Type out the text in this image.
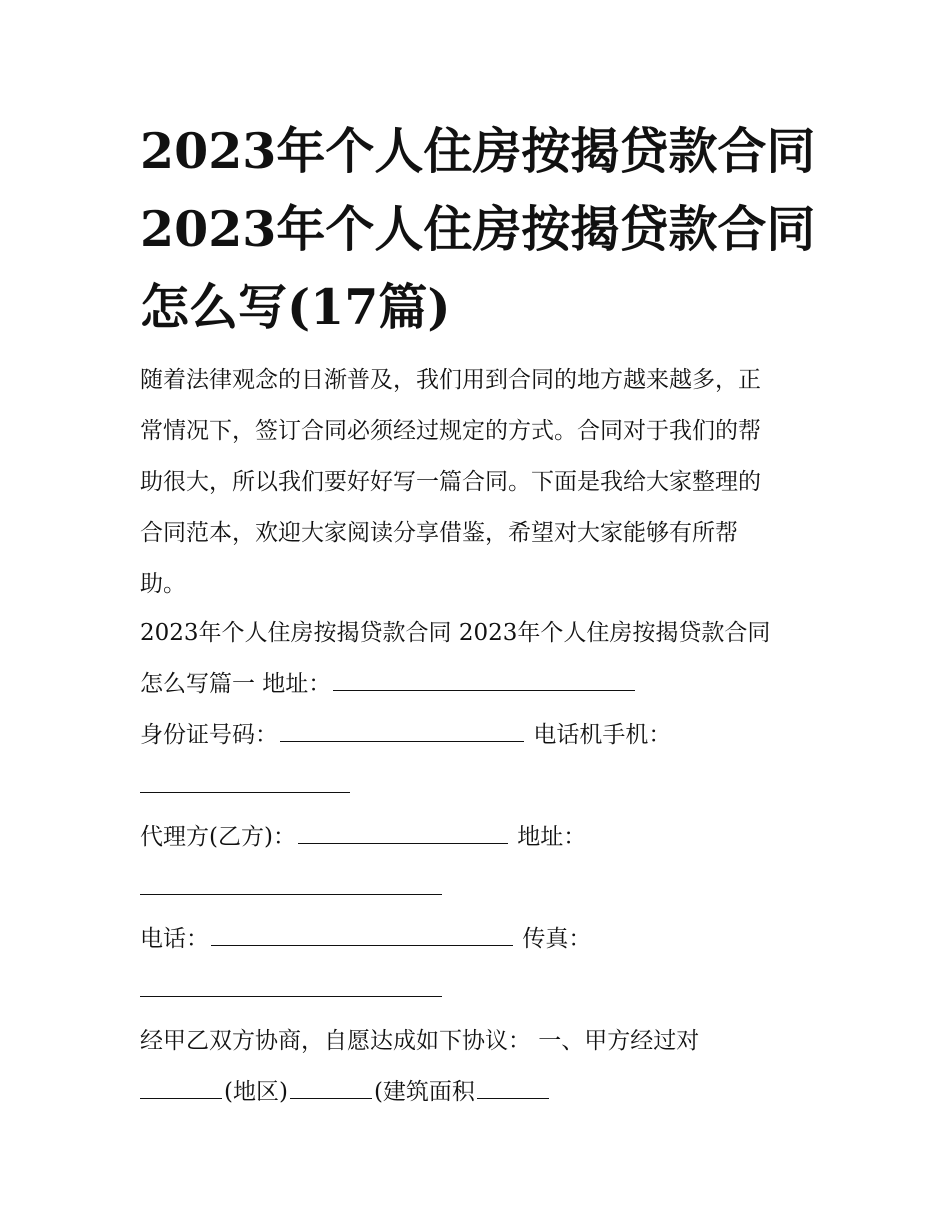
2023年个人住房按揭贷款合同
2023年个人住房按揭贷款合同
怎么写(17篇)
随着法律观念的日渐普及，我们用到合同的地方越来越多，正
常情况下，签订合同必须经过规定的方式。合同对于我们的帮
助很大，所以我们要好好写一篇合同。下面是我给大家整理的
合同范本，欢迎大家阅读分享借鉴，希望对大家能够有所帮
助。
2023年个人住房按揭贷款合同 2023年个人住房按揭贷款合同
怎么写篇一 地址：
身份证号码：	电话机手机：
代理方(乙方)：	地址：
电话：	传真：
经甲乙双方协商，自愿达成如下协议： 一、甲方经过对
(地区)	(建筑面积
